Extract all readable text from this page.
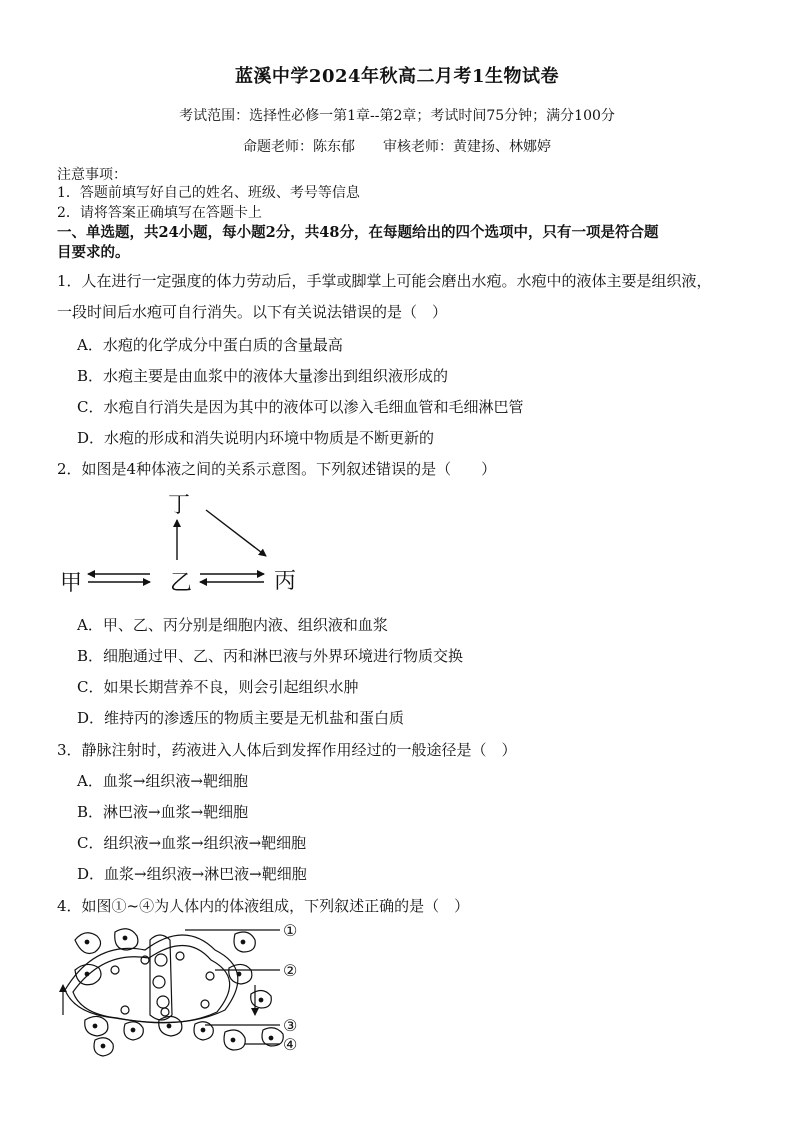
蓝溪中学2024年秋高二月考1生物试卷
考试范围：选择性必修一第1章--第2章；考试时间75分钟；满分100分
命题老师：陈东郁　　审核老师：黄建扬、林娜婷
注意事项：
1．答题前填写好自己的姓名、班级、考号等信息
2．请将答案正确填写在答题卡上
一、单选题，共24小题，每小题2分，共48分，在每题给出的四个选项中，只有一项是符合题
目要求的。
1．人在进行一定强度的体力劳动后，手掌或脚掌上可能会磨出水疱。水疱中的液体主要是组织液，
一段时间后水疱可自行消失。以下有关说法错误的是（　）
A．水疱的化学成分中蛋白质的含量最高
B．水疱主要是由血浆中的液体大量渗出到组织液形成的
C．水疱自行消失是因为其中的液体可以渗入毛细血管和毛细淋巴管
D．水疱的形成和消失说明内环境中物质是不断更新的
2．如图是4种体液之间的关系示意图。下列叙述错误的是（　　）
丁
甲	乙	丙
A．甲、乙、丙分别是细胞内液、组织液和血浆
B．细胞通过甲、乙、丙和淋巴液与外界环境进行物质交换
C．如果长期营养不良，则会引起组织水肿
D．维持丙的渗透压的物质主要是无机盐和蛋白质
3．静脉注射时，药液进入人体后到发挥作用经过的一般途径是（　）
A．血浆→组织液→靶细胞
B．淋巴液→血浆→靶细胞
C．组织液→血浆→组织液→靶细胞
D．血浆→组织液→淋巴液→靶细胞
4．如图①~④为人体内的体液组成，下列叙述正确的是（　）
①
②
③
④
